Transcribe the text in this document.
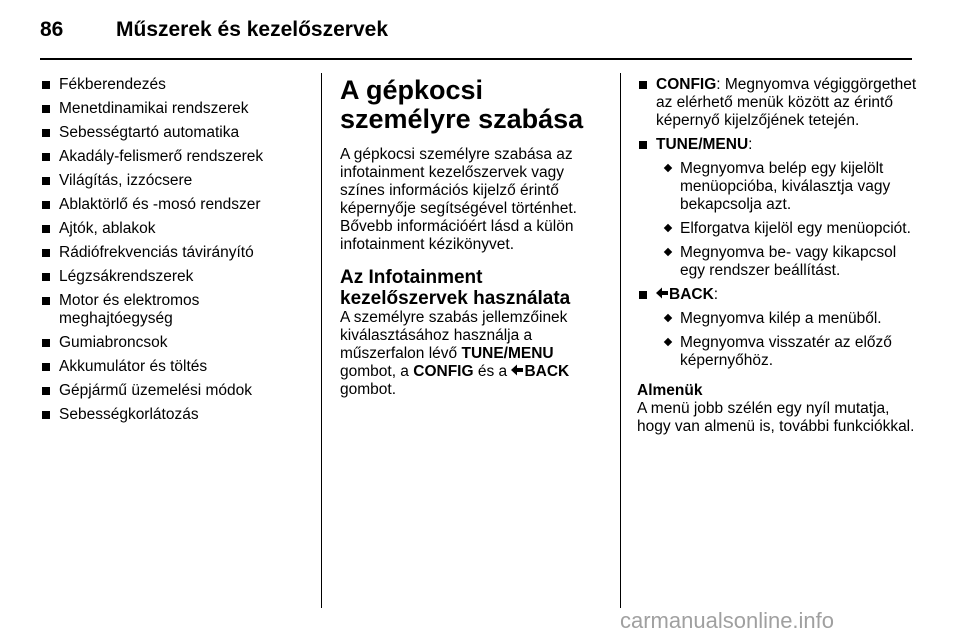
86	Műszerek és kezelőszervek
Fékberendezés
Menetdinamikai rendszerek
Sebességtartó automatika
Akadály-felismerő rendszerek
Világítás, izzócsere
Ablaktörlő és -mosó rendszer
Ajtók, ablakok
Rádiófrekvenciás távirányító
Légzsákrendszerek
Motor és elektromos meghajtóegység
Gumiabroncsok
Akkumulátor és töltés
Gépjármű üzemelési módok
Sebességkorlátozás
A gépkocsi személyre szabása

A gépkocsi személyre szabása az infotainment kezelőszervek vagy színes információs kijelző érintő képernyője segítségével történhet. Bővebb információért lásd a külön infotainment kézikönyvet.

Az Infotainment kezelőszervek használata

A személyre szabás jellemzőinek kiválasztásához használja a műszerfalon lévő TUNE/MENU gombot, a CONFIG és a BACK gombot.

CONFIG: Megnyomva végiggörgethet az elérhető menük között az érintő képernyő kijelzőjének tetején.
TUNE/MENU:
Megnyomva belép egy kijelölt menüopcióba, kiválasztja vagy bekapcsolja azt.
Elforgatva kijelöl egy menüopciót.
Megnyomva be- vagy kikapcsol egy rendszer beállítást.
BACK:
Megnyomva kilép a menüből.
Megnyomva visszatér az előző képernyőhöz.
Almenük

A menü jobb szélén egy nyíl mutatja, hogy van almenü is, további funkciókkal.

carmanualsonline.info
